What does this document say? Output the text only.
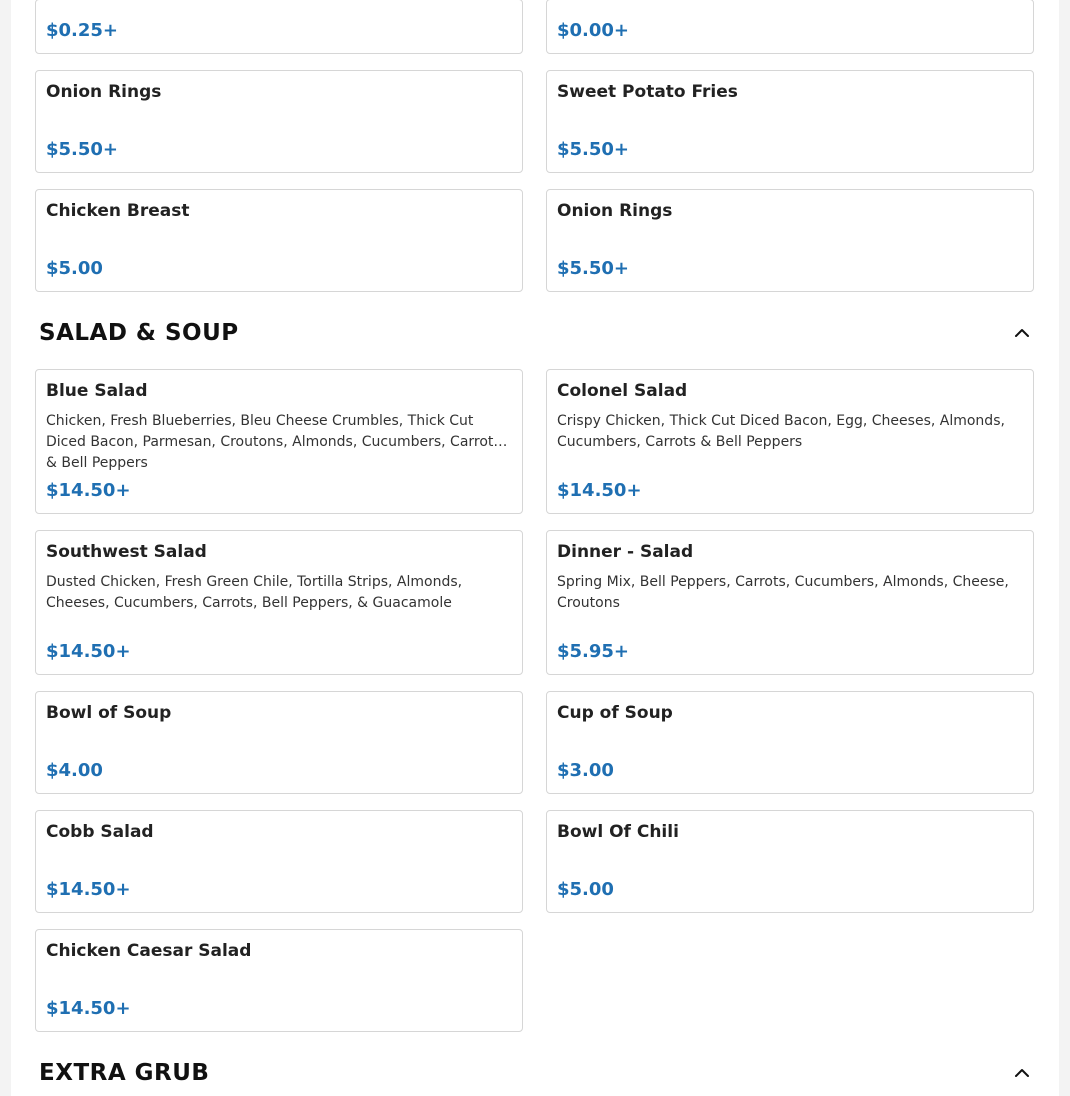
$0.25+	$0.00+
Onion Rings
$5.50+
Sweet Potato Fries
$5.50+
Chicken Breast
$5.00
Onion Rings
$5.50+
SALAD & SOUP
Blue Salad
Chicken, Fresh Blueberries, Bleu Cheese Crumbles, Thick Cut Diced Bacon, Parmesan, Croutons, Almonds, Cucumbers, Carrots & Bell Peppers
$14.50+
Colonel Salad
Crispy Chicken, Thick Cut Diced Bacon, Egg, Cheeses, Almonds, Cucumbers, Carrots & Bell Peppers
$14.50+
Southwest Salad
Dusted Chicken, Fresh Green Chile, Tortilla Strips, Almonds, Cheeses, Cucumbers, Carrots, Bell Peppers, & Guacamole
$14.50+
Dinner - Salad
Spring Mix, Bell Peppers, Carrots, Cucumbers, Almonds, Cheese, Croutons
$5.95+
Bowl of Soup
$4.00
Cup of Soup
$3.00
Cobb Salad
$14.50+
Bowl Of Chili
$5.00
Chicken Caesar Salad
$14.50+
EXTRA GRUB
